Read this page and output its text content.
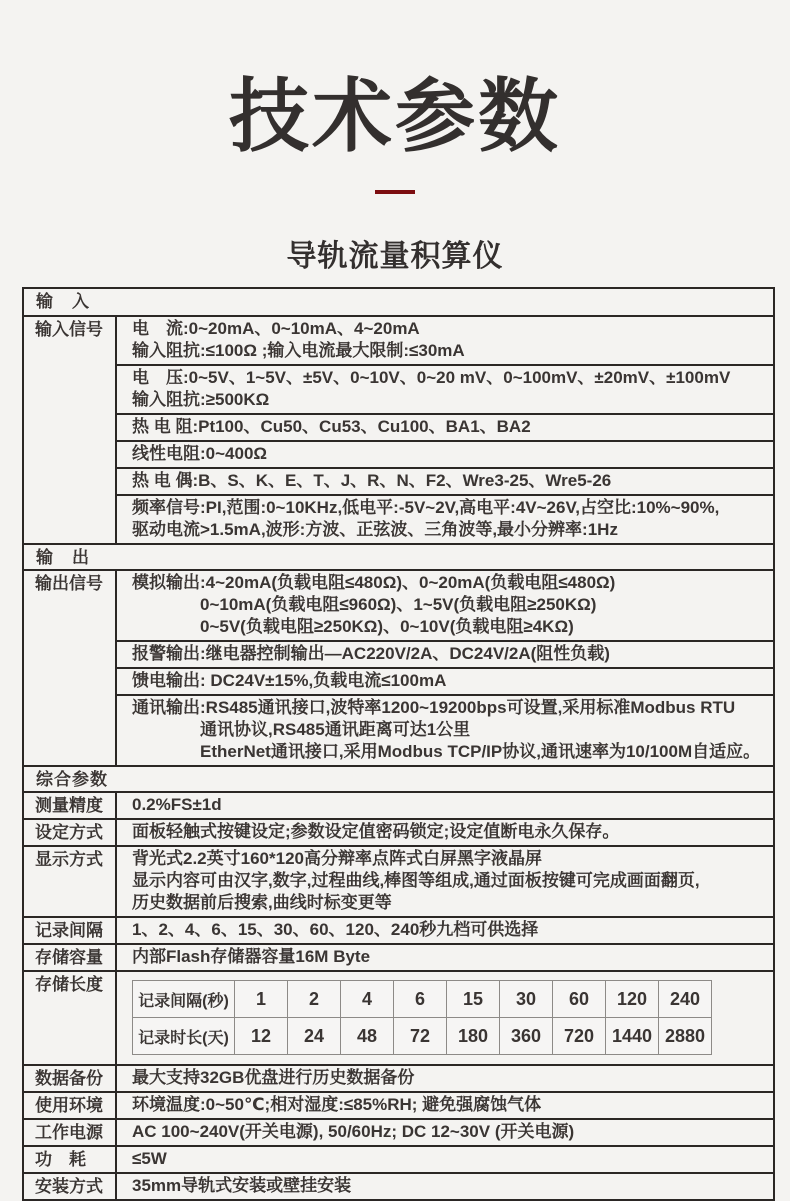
技术参数
导轨流量积算仪
输　入
输入信号	电　流:0~20mA、0~10mA、4~20mA
输入阻抗:≤100Ω ;输入电流最大限制:≤30mA
电　压:0~5V、1~5V、±5V、0~10V、0~20 mV、0~100mV、±20mV、±100mV
输入阻抗:≥500KΩ
热 电 阻:Pt100、Cu50、Cu53、Cu100、BA1、BA2
线性电阻:0~400Ω
热 电 偶:B、S、K、E、T、J、R、N、F2、Wre3-25、Wre5-26
频率信号:PI,范围:0~10KHz,低电平:-5V~2V,高电平:4V~26V,占空比:10%~90%,
驱动电流>1.5mA,波形:方波、正弦波、三角波等,最小分辨率:1Hz
输　出
输出信号	模拟输出:4~20mA(负载电阻≤480Ω)、0~20mA(负载电阻≤480Ω)
0~10mA(负载电阻≤960Ω)、1~5V(负载电阻≥250KΩ)
0~5V(负载电阻≥250KΩ)、0~10V(负载电阻≥4KΩ)
报警输出:继电器控制输出—AC220V/2A、DC24V/2A(阻性负载)
馈电输出: DC24V±15%,负载电流≤100mA
通讯输出:RS485通讯接口,波特率1200~19200bps可设置,采用标准Modbus RTU
通讯协议,RS485通讯距离可达1公里
EtherNet通讯接口,采用Modbus TCP/IP协议,通讯速率为10/100M自适应。
综合参数
测量精度	0.2%FS±1d
设定方式	面板轻触式按键设定;参数设定值密码锁定;设定值断电永久保存。
显示方式	背光式2.2英寸160*120高分辩率点阵式白屏黑字液晶屏
显示内容可由汉字,数字,过程曲线,棒图等组成,通过面板按键可完成画面翻页,
历史数据前后搜索,曲线时标变更等
记录间隔	1、2、4、6、15、30、60、120、240秒九档可供选择
存储容量	内部Flash存储器容量16M Byte
存储长度
记录间隔(秒)	1	2	4	6	15	30	60	120	240
记录时长(天)	12	24	48	72	180	360	720	1440	2880
数据备份	最大支持32GB优盘进行历史数据备份
使用环境	环境温度:0~50℃;相对湿度:≤85%RH; 避免强腐蚀气体
工作电源	AC 100~240V(开关电源), 50/60Hz; DC 12~30V (开关电源)
功　耗	≤5W
安装方式	35mm导轨式安装或壁挂安装
